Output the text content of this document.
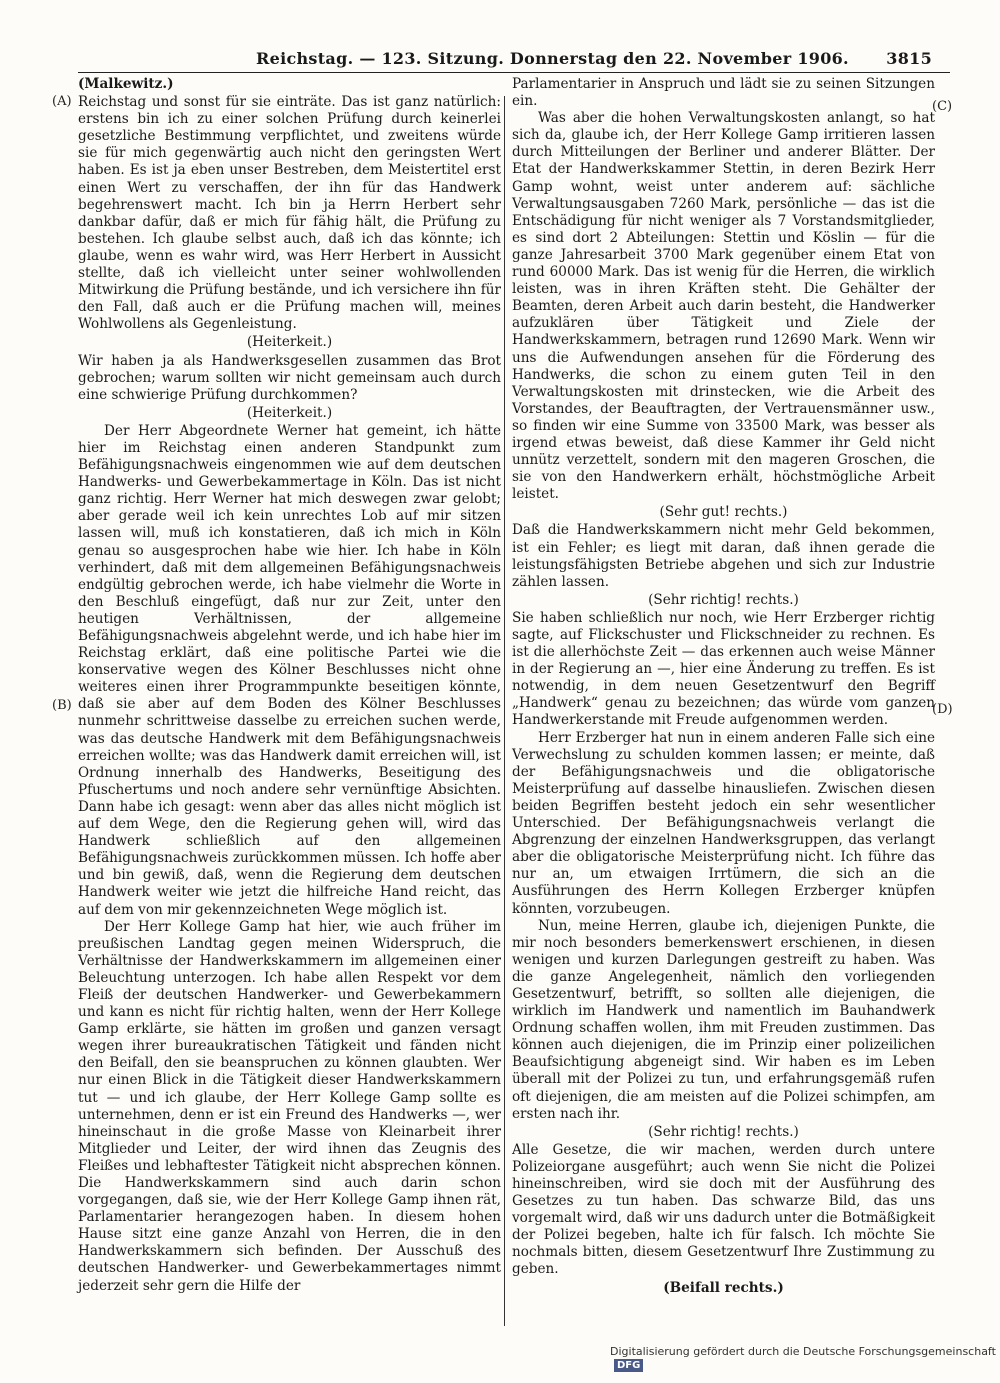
Reichstag. — 123. Sitzung. Donnerstag den 22. November 1906. 3815
(A)
(B)
(C)
(D)

(Malkewitz.)

Reichstag und sonst für sie einträte. Das ist ganz natürlich: erstens bin ich zu einer solchen Prüfung durch keinerlei gesetzliche Bestimmung verpflichtet, und zweitens würde sie für mich gegenwärtig auch nicht den geringsten Wert haben. Es ist ja eben unser Bestreben, dem Meistertitel erst einen Wert zu verschaffen, der ihn für das Handwerk begehrenswert macht. Ich bin ja Herrn Herbert sehr dankbar dafür, daß er mich für fähig hält, die Prüfung zu bestehen. Ich glaube selbst auch, daß ich das könnte; ich glaube, wenn es wahr wird, was Herr Herbert in Aussicht stellte, daß ich vielleicht unter seiner wohlwollenden Mitwirkung die Prüfung bestände, und ich versichere ihn für den Fall, daß auch er die Prüfung machen will, meines Wohlwollens als Gegenleistung.

(Heiterkeit.)

Wir haben ja als Handwerksgesellen zusammen das Brot gebrochen; warum sollten wir nicht gemeinsam auch durch eine schwierige Prüfung durchkommen?

(Heiterkeit.)

Der Herr Abgeordnete Werner hat gemeint, ich hätte hier im Reichstag einen anderen Standpunkt zum Befähigungsnachweis eingenommen wie auf dem deutschen Handwerks- und Gewerbekammertage in Köln. Das ist nicht ganz richtig. Herr Werner hat mich deswegen zwar gelobt; aber gerade weil ich kein unrechtes Lob auf mir sitzen lassen will, muß ich konstatieren, daß ich mich in Köln genau so ausgesprochen habe wie hier. Ich habe in Köln verhindert, daß mit dem allgemeinen Befähigungsnachweis endgültig gebrochen werde, ich habe vielmehr die Worte in den Beschluß eingefügt, daß nur zur Zeit, unter den heutigen Verhältnissen, der allgemeine Befähigungsnachweis abgelehnt werde, und ich habe hier im Reichstag erklärt, daß eine politische Partei wie die konservative wegen des Kölner Beschlusses nicht ohne weiteres einen ihrer Programmpunkte beseitigen könnte, daß sie aber auf dem Boden des Kölner Beschlusses nunmehr schrittweise dasselbe zu erreichen suchen werde, was das deutsche Handwerk mit dem Befähigungsnachweis erreichen wollte; was das Handwerk damit erreichen will, ist Ordnung innerhalb des Handwerks, Beseitigung des Pfuschertums und noch andere sehr vernünftige Absichten. Dann habe ich gesagt: wenn aber das alles nicht möglich ist auf dem Wege, den die Regierung gehen will, wird das Handwerk schließlich auf den allgemeinen Befähigungsnachweis zurückkommen müssen. Ich hoffe aber und bin gewiß, daß, wenn die Regierung dem deutschen Handwerk weiter wie jetzt die hilfreiche Hand reicht, das auf dem von mir gekennzeichneten Wege möglich ist.

Der Herr Kollege Gamp hat hier, wie auch früher im preußischen Landtag gegen meinen Widerspruch, die Verhältnisse der Handwerkskammern im allgemeinen einer Beleuchtung unterzogen. Ich habe allen Respekt vor dem Fleiß der deutschen Handwerker- und Gewerbekammern und kann es nicht für richtig halten, wenn der Herr Kollege Gamp erklärte, sie hätten im großen und ganzen versagt wegen ihrer bureaukratischen Tätigkeit und fänden nicht den Beifall, den sie beanspruchen zu können glaubten. Wer nur einen Blick in die Tätigkeit dieser Handwerkskammern tut — und ich glaube, der Herr Kollege Gamp sollte es unternehmen, denn er ist ein Freund des Handwerks —, wer hineinschaut in die große Masse von Kleinarbeit ihrer Mitglieder und Leiter, der wird ihnen das Zeugnis des Fleißes und lebhaftester Tätigkeit nicht absprechen können. Die Handwerkskammern sind auch darin schon vorgegangen, daß sie, wie der Herr Kollege Gamp ihnen rät, Parlamentarier herangezogen haben. In diesem hohen Hause sitzt eine ganze Anzahl von Herren, die in den Handwerkskammern sich befinden. Der Ausschuß des deutschen Handwerker- und Gewerbekammertages nimmt jederzeit sehr gern die Hilfe der

Parlamentarier in Anspruch und lädt sie zu seinen Sitzungen ein.

Was aber die hohen Verwaltungskosten anlangt, so hat sich da, glaube ich, der Herr Kollege Gamp irritieren lassen durch Mitteilungen der Berliner und anderer Blätter. Der Etat der Handwerkskammer Stettin, in deren Bezirk Herr Gamp wohnt, weist unter anderem auf: sächliche Verwaltungsausgaben 7260 Mark, persönliche — das ist die Entschädigung für nicht weniger als 7 Vorstandsmitglieder, es sind dort 2 Abteilungen: Stettin und Köslin — für die ganze Jahresarbeit 3700 Mark gegenüber einem Etat von rund 60000 Mark. Das ist wenig für die Herren, die wirklich leisten, was in ihren Kräften steht. Die Gehälter der Beamten, deren Arbeit auch darin besteht, die Handwerker aufzuklären über Tätigkeit und Ziele der Handwerkskammern, betragen rund 12690 Mark. Wenn wir uns die Aufwendungen ansehen für die Förderung des Handwerks, die schon zu einem guten Teil in den Verwaltungskosten mit drinstecken, wie die Arbeit des Vorstandes, der Beauftragten, der Vertrauensmänner usw., so finden wir eine Summe von 33500 Mark, was besser als irgend etwas beweist, daß diese Kammer ihr Geld nicht unnütz verzettelt, sondern mit den mageren Groschen, die sie von den Handwerkern erhält, höchstmögliche Arbeit leistet.

(Sehr gut! rechts.)

Daß die Handwerkskammern nicht mehr Geld bekommen, ist ein Fehler; es liegt mit daran, daß ihnen gerade die leistungsfähigsten Betriebe abgehen und sich zur Industrie zählen lassen.

(Sehr richtig! rechts.)

Sie haben schließlich nur noch, wie Herr Erzberger richtig sagte, auf Flickschuster und Flickschneider zu rechnen. Es ist die allerhöchste Zeit — das erkennen auch weise Männer in der Regierung an —, hier eine Änderung zu treffen. Es ist notwendig, in dem neuen Gesetzentwurf den Begriff „Handwerk“ genau zu bezeichnen; das würde vom ganzen Handwerkerstande mit Freude aufgenommen werden.

Herr Erzberger hat nun in einem anderen Falle sich eine Verwechslung zu schulden kommen lassen; er meinte, daß der Befähigungsnachweis und die obligatorische Meisterprüfung auf dasselbe hinausliefen. Zwischen diesen beiden Begriffen besteht jedoch ein sehr wesentlicher Unterschied. Der Befähigungsnachweis verlangt die Abgrenzung der einzelnen Handwerksgruppen, das verlangt aber die obligatorische Meisterprüfung nicht. Ich führe das nur an, um etwaigen Irrtümern, die sich an die Ausführungen des Herrn Kollegen Erzberger knüpfen könnten, vorzubeugen.

Nun, meine Herren, glaube ich, diejenigen Punkte, die mir noch besonders bemerkenswert erschienen, in diesen wenigen und kurzen Darlegungen gestreift zu haben. Was die ganze Angelegenheit, nämlich den vorliegenden Gesetzentwurf, betrifft, so sollten alle diejenigen, die wirklich im Handwerk und namentlich im Bauhandwerk Ordnung schaffen wollen, ihm mit Freuden zustimmen. Das können auch diejenigen, die im Prinzip einer polizeilichen Beaufsichtigung abgeneigt sind. Wir haben es im Leben überall mit der Polizei zu tun, und erfahrungsgemäß rufen oft diejenigen, die am meisten auf die Polizei schimpfen, am ersten nach ihr.

(Sehr richtig! rechts.)

Alle Gesetze, die wir machen, werden durch untere Polizeiorgane ausgeführt; auch wenn Sie nicht die Polizei hineinschreiben, wird sie doch mit der Ausführung des Gesetzes zu tun haben. Das schwarze Bild, das uns vorgemalt wird, daß wir uns dadurch unter die Botmäßigkeit der Polizei begeben, halte ich für falsch. Ich möchte Sie nochmals bitten, diesem Gesetzentwurf Ihre Zustimmung zu geben.

(Beifall rechts.)

Digitalisierung gefördert durch die Deutsche Forschungsgemeinschaft DFG
